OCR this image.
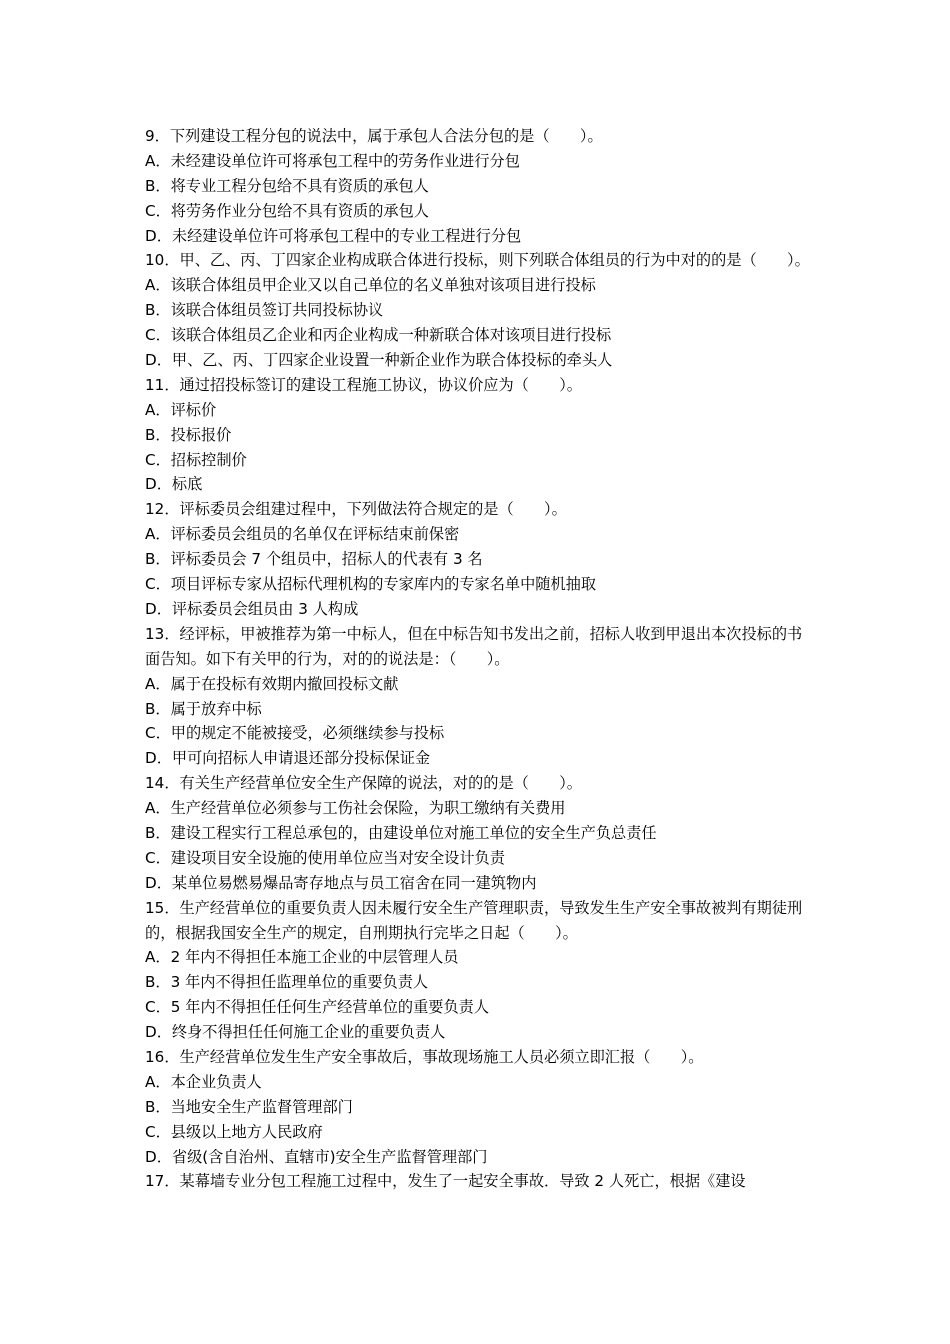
9．下列建设工程分包的说法中，属于承包人合法分包的是（　　）。
A．未经建设单位许可将承包工程中的劳务作业进行分包
B．将专业工程分包给不具有资质的承包人
C．将劳务作业分包给不具有资质的承包人
D．未经建设单位许可将承包工程中的专业工程进行分包
10．甲、乙、丙、丁四家企业构成联合体进行投标，则下列联合体组员的行为中对的的是（　　）。
A．该联合体组员甲企业又以自己单位的名义单独对该项目进行投标
B．该联合体组员签订共同投标协议
C．该联合体组员乙企业和丙企业构成一种新联合体对该项目进行投标
D．甲、乙、丙、丁四家企业设置一种新企业作为联合体投标的牵头人
11．通过招投标签订的建设工程施工协议，协议价应为（　　）。
A．评标价
B．投标报价
C．招标控制价
D．标底
12．评标委员会组建过程中，下列做法符合规定的是（　　）。
A．评标委员会组员的名单仅在评标结束前保密
B．评标委员会 7 个组员中，招标人的代表有 3 名
C．项目评标专家从招标代理机构的专家库内的专家名单中随机抽取
D．评标委员会组员由 3 人构成
13．经评标，甲被推荐为第一中标人，但在中标告知书发出之前，招标人收到甲退出本次投标的书面告知。如下有关甲的行为，对的的说法是：（　　）。
A．属于在投标有效期内撤回投标文献
B．属于放弃中标
C．甲的规定不能被接受，必须继续参与投标
D．甲可向招标人申请退还部分投标保证金
14．有关生产经营单位安全生产保障的说法，对的的是（　　）。
A．生产经营单位必须参与工伤社会保险，为职工缴纳有关费用
B．建设工程实行工程总承包的，由建设单位对施工单位的安全生产负总责任
C．建设项目安全设施的使用单位应当对安全设计负责
D．某单位易燃易爆品寄存地点与员工宿舍在同一建筑物内
15．生产经营单位的重要负责人因未履行安全生产管理职责，导致发生生产安全事故被判有期徒刑的，根据我国安全生产的规定，自刑期执行完毕之日起（　　）。
A．2 年内不得担任本施工企业的中层管理人员
B．3 年内不得担任监理单位的重要负责人
C．5 年内不得担任任何生产经营单位的重要负责人
D．终身不得担任任何施工企业的重要负责人
16．生产经营单位发生生产安全事故后，事故现场施工人员必须立即汇报（　　）。
A．本企业负责人
B．当地安全生产监督管理部门
C．县级以上地方人民政府
D．省级(含自治州、直辖市)安全生产监督管理部门
17．某幕墙专业分包工程施工过程中，发生了一起安全事故．导致 2 人死亡，根据《建设
